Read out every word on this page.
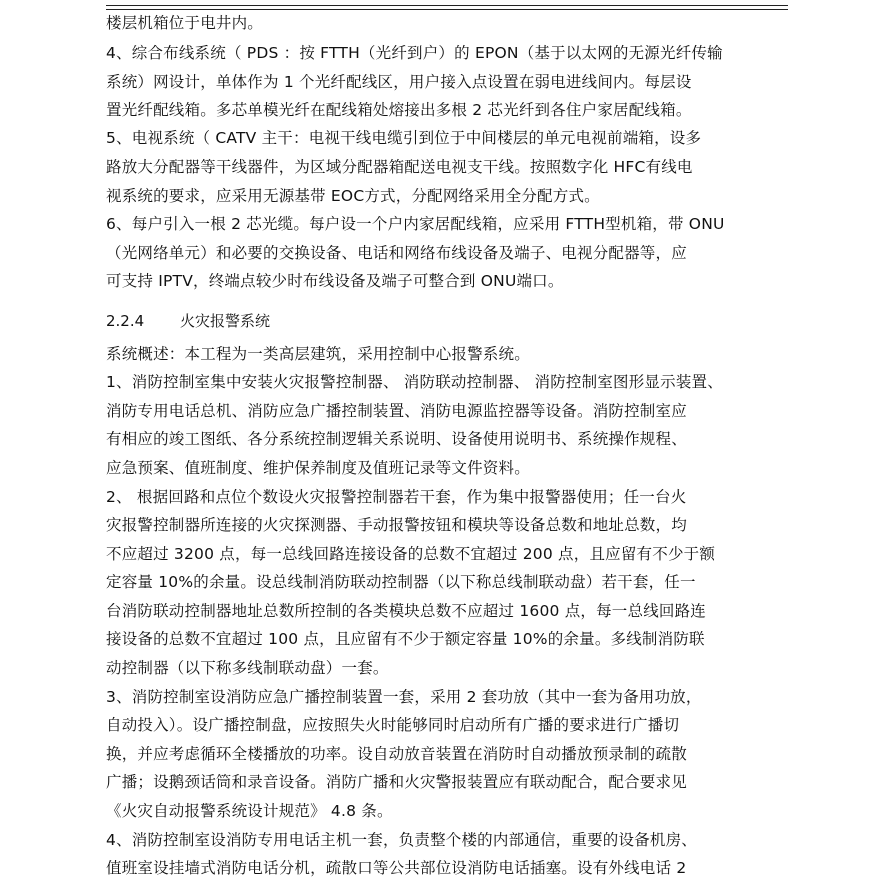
楼层机箱位于电井内。
4、综合布线系统（ PDS ：按 FTTH（光纤到户）的 EPON（基于以太网的无源光纤传输
系统）网设计，单体作为 1 个光纤配线区，用户接入点设置在弱电进线间内。每层设
置光纤配线箱。多芯单模光纤在配线箱处熔接出多根 2 芯光纤到各住户家居配线箱。
5、电视系统（ CATV 主干：电视干线电缆引到位于中间楼层的单元电视前端箱，设多
路放大分配器等干线器件，为区域分配器箱配送电视支干线。按照数字化 HFC有线电
视系统的要求，应采用无源基带 EOC方式，分配网络采用全分配方式。
6、每户引入一根 2 芯光缆。每户设一个户内家居配线箱，应采用 FTTH型机箱，带 ONU
（光网络单元）和必要的交换设备、电话和网络布线设备及端子、电视分配器等，应
可支持 IPTV，终端点较少时布线设备及端子可整合到 ONU端口。
2.2.4 火灾报警系统
系统概述：本工程为一类高层建筑，采用控制中心报警系统。
1、消防控制室集中安装火灾报警控制器、 消防联动控制器、 消防控制室图形显示装置、
消防专用电话总机、消防应急广播控制装置、消防电源监控器等设备。消防控制室应
有相应的竣工图纸、各分系统控制逻辑关系说明、设备使用说明书、系统操作规程、
应急预案、值班制度、维护保养制度及值班记录等文件资料。
2、 根据回路和点位个数设火灾报警控制器若干套，作为集中报警器使用；任一台火
灾报警控制器所连接的火灾探测器、手动报警按钮和模块等设备总数和地址总数，均
不应超过 3200 点，每一总线回路连接设备的总数不宜超过 200 点，且应留有不少于额
定容量 10%的余量。设总线制消防联动控制器（以下称总线制联动盘）若干套，任一
台消防联动控制器地址总数所控制的各类模块总数不应超过 1600 点，每一总线回路连
接设备的总数不宜超过 100 点，且应留有不少于额定容量 10%的余量。多线制消防联
动控制器（以下称多线制联动盘）一套。
3、消防控制室设消防应急广播控制装置一套，采用 2 套功放（其中一套为备用功放，
自动投入）。设广播控制盘，应按照失火时能够同时启动所有广播的要求进行广播切
换，并应考虑循环全楼播放的功率。设自动放音装置在消防时自动播放预录制的疏散
广播；设鹅颈话筒和录音设备。消防广播和火灾警报装置应有联动配合，配合要求见
《火灾自动报警系统设计规范》 4.8 条。
4、消防控制室设消防专用电话主机一套，负责整个楼的内部通信，重要的设备机房、
值班室设挂墙式消防电话分机，疏散口等公共部位设消防电话插塞。设有外线电话 2
